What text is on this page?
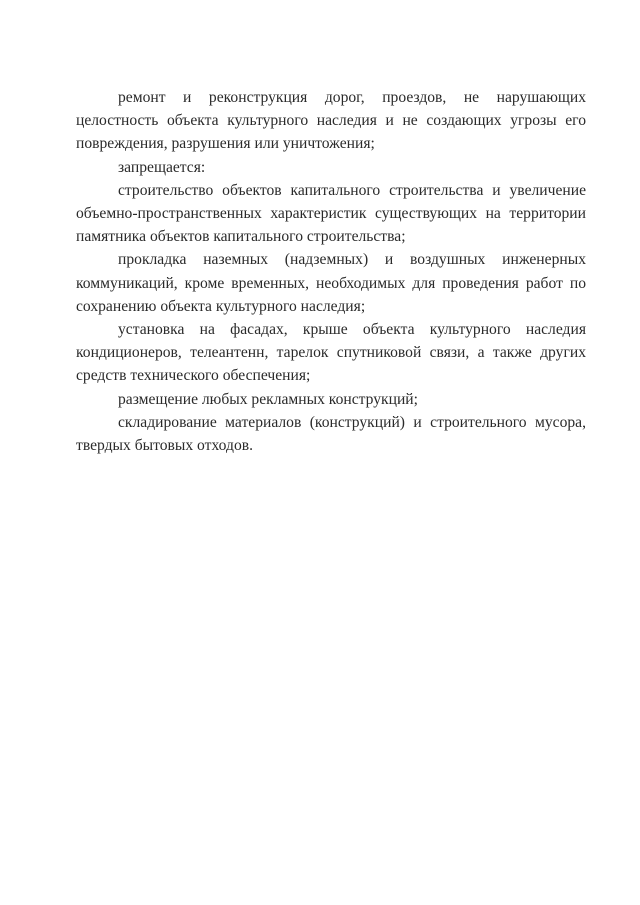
ремонт и реконструкция дорог, проездов, не нарушающих целостность объекта культурного наследия и не создающих угрозы его повреждения, разрушения или уничтожения;

запрещается:

строительство объектов капитального строительства и увеличение объемно-пространственных характеристик существующих на территории памятника объектов капитального строительства;

прокладка наземных (надземных) и воздушных инженерных коммуникаций, кроме временных, необходимых для проведения работ по сохранению объекта культурного наследия;

установка на фасадах, крыше объекта культурного наследия кондиционеров, телеантенн, тарелок спутниковой связи, а также других средств технического обеспечения;

размещение любых рекламных конструкций;

складирование материалов (конструкций) и строительного мусора, твердых бытовых отходов.
